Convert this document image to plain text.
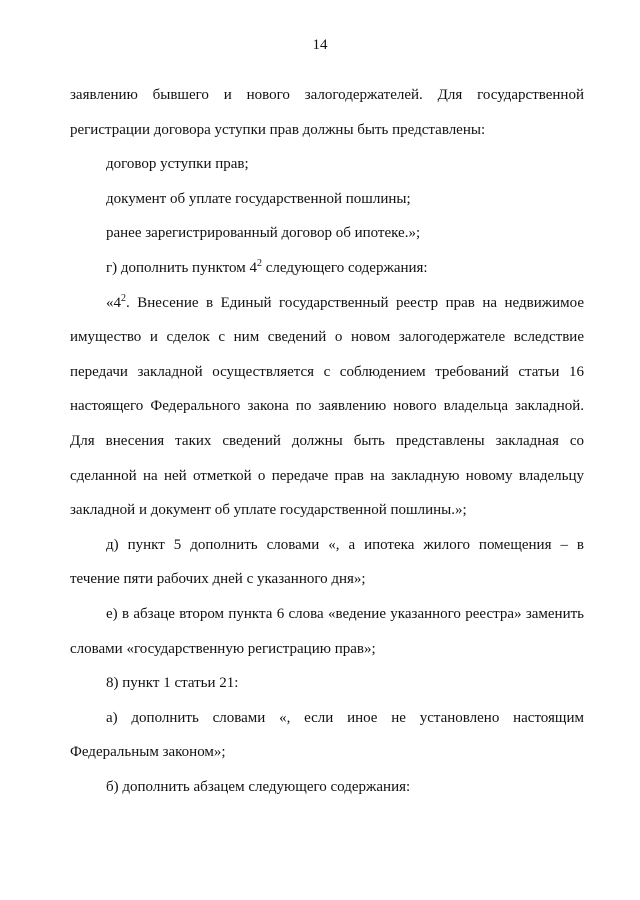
14
заявлению бывшего и нового залогодержателей. Для государственной
регистрации договора уступки прав должны быть представлены:
договор уступки прав;
документ об уплате государственной пошлины;
ранее зарегистрированный договор об ипотеке.»;
г) дополнить пунктом $4^2$ следующего содержания:
«$4^2$. Внесение в Единый государственный реестр прав на недвижимое
имущество и сделок с ним сведений о новом залогодержателе вследствие
передачи закладной осуществляется с соблюдением требований статьи 16
настоящего Федерального закона по заявлению нового владельца закладной.
Для внесения таких сведений должны быть представлены закладная со
сделанной на ней отметкой о передаче прав на закладную новому владельцу
закладной и документ об уплате государственной пошлины.»;
д) пункт 5 дополнить словами «, а ипотека жилого помещения – в
течение пяти рабочих дней с указанного дня»;
е) в абзаце втором пункта 6 слова «ведение указанного реестра» заменить
словами «государственную регистрацию прав»;
8) пункт 1 статьи 21:
а) дополнить словами «, если иное не установлено настоящим
Федеральным законом»;
б) дополнить абзацем следующего содержания:
